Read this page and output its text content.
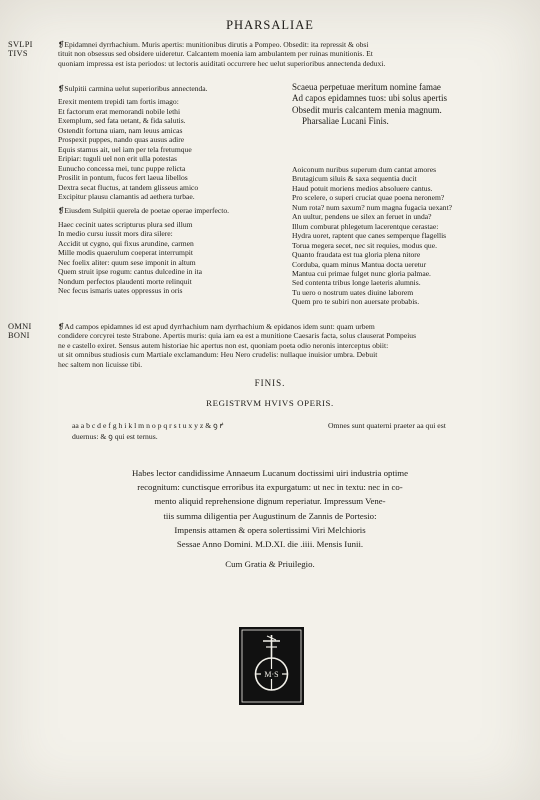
PHARSALIAE
SVLPI
TIVS
❡Epidamnei dyrrhachium. Muris apertis: munitionibus dirutis a Pompeo. Obsedit: ita repressit & obsi
tituit non obsessus sed obsidere uideretur. Calcantem moenia iam ambulantem per ruinas munitionis. Et
quoniam impressa est ista periodos: ut lectoris auiditati occurrere hec uelut superioribus annectenda deduxi.
❡Sulpitii carmina uelut superioribus annectenda.
Erexit mentem trepidi tam fortis imago:
Et factorum erat memorandi nobile lethi
Exemplum, sed fata uetant, & fida salutis.
Ostendit fortuna uiam, nam leuus amicas
Prospexit puppes, nando quas ausus adire
Equis stamus ait, uel iam per tela fretumque
Eripiar: tuguli uel non erit ulla potestas
Eunucho concessa mei, tunc puppe relicta
Prosilit in pontum, fucos fert laeua libellos
Dextra secat fluctus, at tandem glisseus amico
Excipitur plausu clamantis ad aethera turbae.
❡Eiusdem Sulpitii querela de poetae operae imperfecto.
Haec cecinit uates scripturus plura sed illum
In medio cursu iussit mors dira silere:
Accidit ut cygno, qui fixus arundine, carmen
Mille modis quaerulum coeperat interrumpit
Nec foelix aliter: quum sese imponit in altum
Quem struit ipse rogum: cantus dulcedine in ita
Nondum perfectos plaudenti morte relinquit
Nec fecus ismaris uates oppressus in oris
Scaeua perpetuae meritum nomine famae
Ad capos epidamnes tuos: ubi solus apertis
Obsedit muris calcantem menia magnum.
Pharsaliae Lucani Finis.
Aoiconum nuribus superum dum cantat amores
Brutagicum siluis & saxa sequentia ducit
Haud potuit moriens medios absoluere cantus.
Pro scelere, o superi cruciat quae poena neronem?
Num rota? num saxum? num magna fugacia uexant?
An uultur, pendens ue silex an feruet in unda?
Illum comburat phlegetum lacerentque cerastae:
Hydra uoret, raptent que canes semperque flagellis
Torua megera secet, nec sit requies, modus que.
Quanto fraudata est tua gloria plena nitore
Corduba, quam minus Mantua docta ueretur
Mantua cui primae fulget nunc gloria palmae.
Sed contenta tribus longe laeteris alumnis.
Tu uero o nostrum uates diuine laborem
Quem pro te subiri non auersate probabis.
OMNI
BONI
❡Ad campos epidamnes id est apud dyrrhachium nam dyrrhachium & epidanos idem sunt: quam urbem
condidere corcyrei teste Strabone. Apertis muris: quia iam ea est a munitione Caesaris facta, solus clauserat Pompeius
ne e castello exiret. Sensus autem historiae hic apertus non est, quoniam poeta odio neronis interceptus obiit:
ut sit omnibus studiosis cum Martiale exclamandum: Heu Nero crudelis: nullaque inuisior umbra. Debuit
hec saltem non licuisse tibi.
FINIS.
REGISTRVM HVIVS OPERIS.
aa a b c d e f g h i k l m n o p q r s t u x y z & ꝯ ꝵ	Omnes sunt quaterni praeter aa qui est
duernus: & ꝯ qui est ternus.
Habes lector candidissime Annaeum Lucanum doctissimi uiri industria optime
recognitum: cunctisque erroribus ita expurgatum: ut nec in textu: nec in co-
mento aliquid reprehensione dignum reperiatur. Impressum Vene-
tiis summa diligentia per Augustinum de Zannis de Portesio:
Impensis attamen & opera solertissimi Viri Melchioris
Sessae Anno Domini. M.D.XI. die .iiii. Mensis Iunii.
Cum Gratia & Priuilegio.
M·S
